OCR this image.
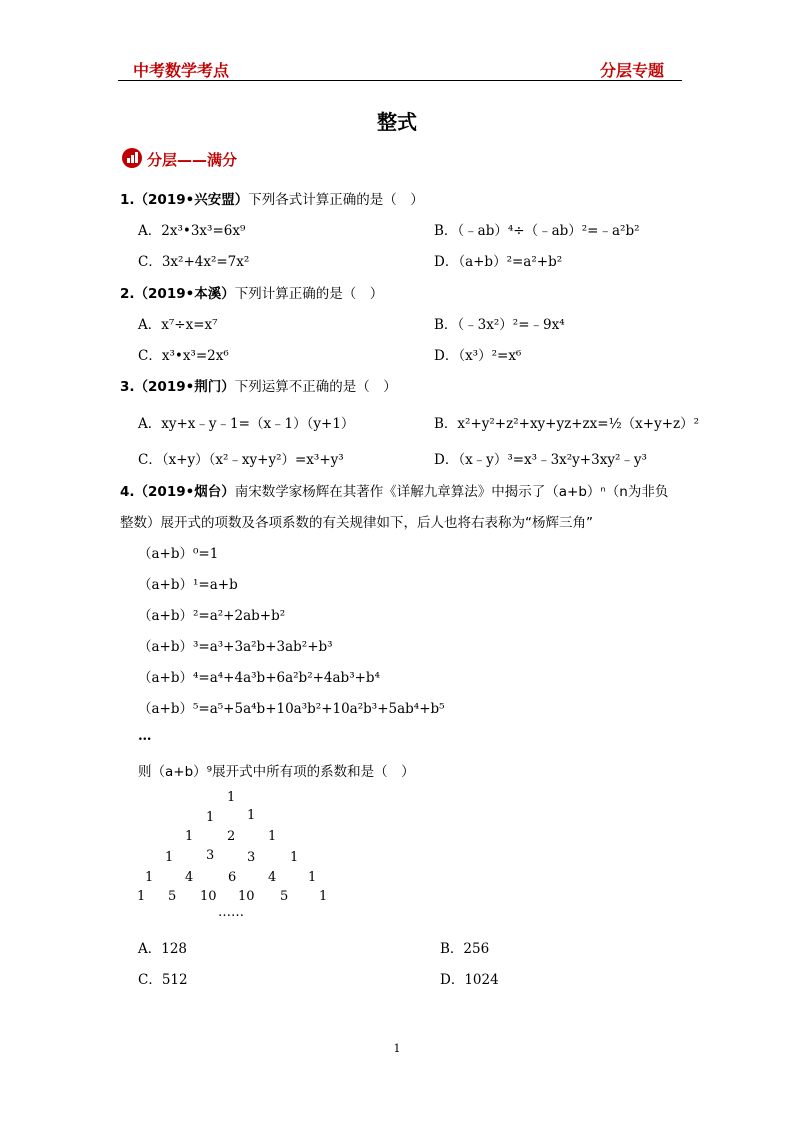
中考数学考点	分层专题
整式
分层——满分
1.（2019•兴安盟）下列各式计算正确的是（　）
A．2x³•3x³=6x⁹	B．（﹣ab）⁴÷（﹣ab）²=﹣a²b²
C．3x²+4x²=7x²	D．（a+b）²=a²+b²
2.（2019•本溪）下列计算正确的是（　）
A．x⁷÷x=x⁷	B．（﹣3x²）²=﹣9x⁴
C．x³•x³=2x⁶	D．（x³）²=x⁶
3.（2019•荆门）下列运算不正确的是（　）
A．xy+x﹣y﹣1=（x﹣1）（y+1）	B．x²+y²+z²+xy+yz+zx=½（x+y+z）²
C．（x+y）（x²﹣xy+y²）=x³+y³	D．（x﹣y）³=x³﹣3x²y+3xy²﹣y³
4.（2019•烟台）南宋数学家杨辉在其著作《详解九章算法》中揭示了（a+b）ⁿ（n为非负
整数）展开式的项数及各项系数的有关规律如下，后人也将右表称为“杨辉三角”
（a+b）⁰=1
（a+b）¹=a+b
（a+b）²=a²+2ab+b²
（a+b）³=a³+3a²b+3ab²+b³
（a+b）⁴=a⁴+4a³b+6a²b²+4ab³+b⁴
（a+b）⁵=a⁵+5a⁴b+10a³b²+10a²b³+5ab⁴+b⁵
…
则（a+b）⁹展开式中所有项的系数和是（　）
1
1	1
1	2	1
1	3	3	1
1 4	6 4 1
1 5 10 10 5 1
……
A．128	B．256
C．512	D．1024
1
